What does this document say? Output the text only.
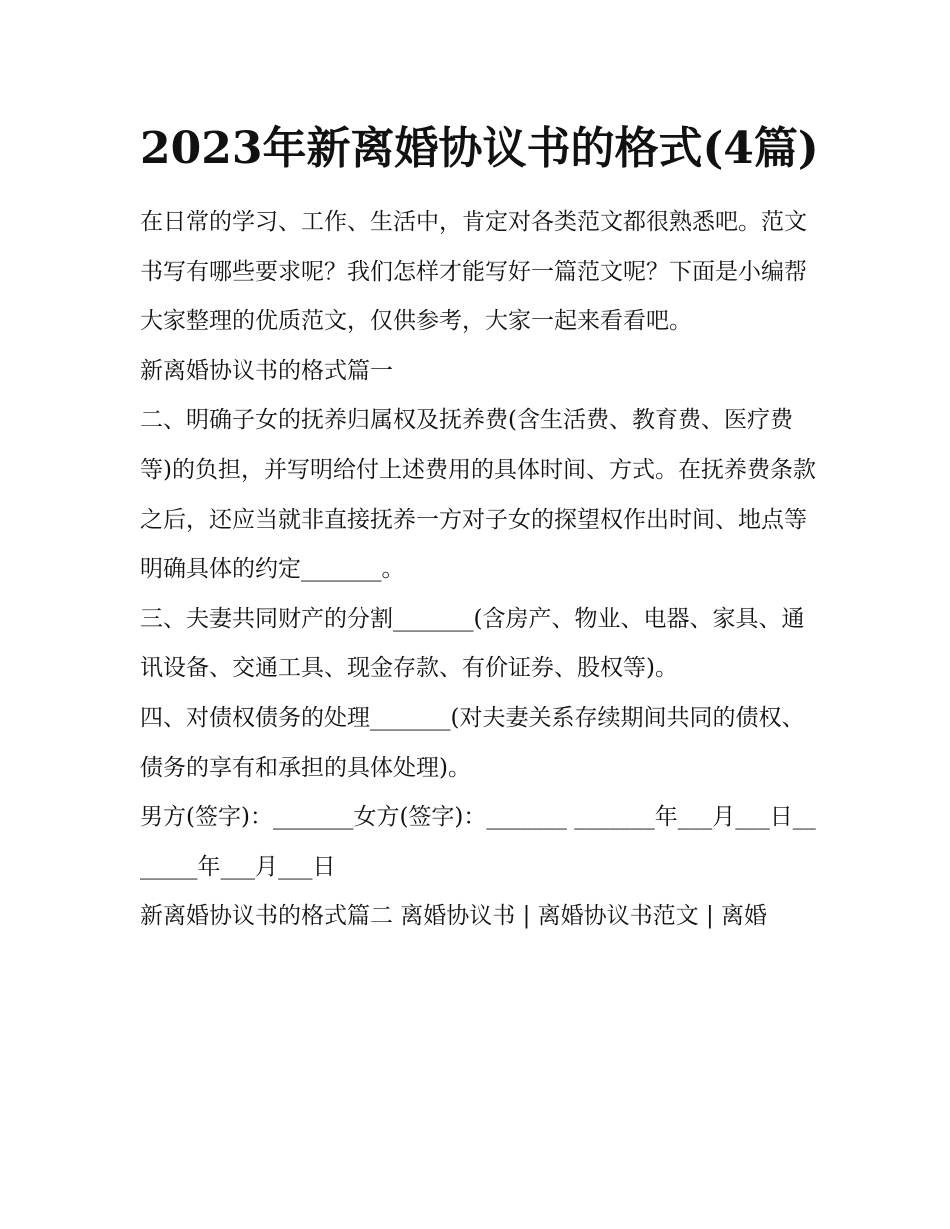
2023年新离婚协议书的格式(4篇)

在日常的学习、工作、生活中，肯定对各类范文都很熟悉吧。范文书写有哪些要求呢？我们怎样才能写好一篇范文呢？下面是小编帮大家整理的优质范文，仅供参考，大家一起来看看吧。

新离婚协议书的格式篇一

二、明确子女的抚养归属权及抚养费(含生活费、教育费、医疗费等)的负担，并写明给付上述费用的具体时间、方式。在抚养费条款之后，还应当就非直接抚养一方对子女的探望权作出时间、地点等明确具体的约定_______。

三、夫妻共同财产的分割_______(含房产、物业、电器、家具、通讯设备、交通工具、现金存款、有价证券、股权等)。

四、对债权债务的处理_______(对夫妻关系存续期间共同的债权、债务的享有和承担的具体处理)。

男方(签字)：_______女方(签字)：_______ _______年___月___日_______年___月___日

新离婚协议书的格式篇二 离婚协议书 | 离婚协议书范文 | 离婚
